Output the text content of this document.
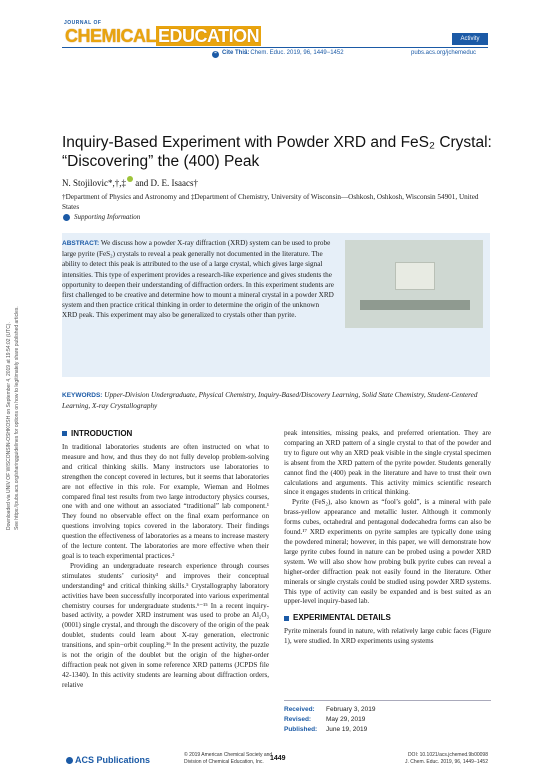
JOURNAL OF
CHEMICAL EDUCATION	Activity
❝ Cite This:
J. Chem. Educ. 2019, 96, 1449−1452	pubs.acs.org/jchemeduc
Downloaded via UNIV OF WISCONSIN-OSHKOSH on September 4, 2019 at 19:54:02 (UTC). See https://pubs.acs.org/sharingguidelines for options on how to legitimately share published articles.
Inquiry-Based Experiment with Powder XRD and FeS₂ Crystal:
“Discovering” the (400) Peak
N. Stojilovic*,†,‡ and D. E. Isaacs†
†Department of Physics and Astronomy and ‡Department of Chemistry, University of Wisconsin—Oshkosh, Oshkosh, Wisconsin 54901, United States
Supporting Information
ABSTRACT: We discuss how a powder X-ray diffraction (XRD) system can be used to probe large pyrite (FeS₂) crystals to reveal a peak generally not documented in the literature. The ability to detect this peak is attributed to the use of a large crystal, which gives large signal intensities. This type of experiment provides a research-like experience and gives students the opportunity to deepen their understanding of diffraction orders. In this experiment students are first challenged to be creative and determine how to mount a mineral crystal in a powder XRD system and then practice critical thinking in order to determine the origin of the unknown XRD peak. This experiment may also be generalized to crystals other than pyrite.
KEYWORDS: Upper-Division Undergraduate, Physical Chemistry, Inquiry-Based/Discovery Learning, Solid State Chemistry, Student-Centered Learning, X-ray Crystallography
INTRODUCTION

In traditional laboratories students are often instructed on what to measure and how, and thus they do not fully develop problem-solving and critical thinking skills. Many instructors use laboratories to strengthen the concept covered in lectures, but it seems that laboratories are not effective in this role. For example, Wieman and Holmes compared final test results from two large introductory physics courses, one with and one without an associated “traditional” lab component.¹ They found no observable effect on the final exam performance on questions involving topics covered in the laboratory. Their findings question the effectiveness of laboratories as a means to increase mastery of the lecture content. The laboratories are more effective when their goal is to teach experimental practices.²

Providing an undergraduate research experience through courses stimulates students’ curiosity³ and improves their conceptual understanding⁴ and critical thinking skills.⁵ Crystallography laboratory activities have been successfully incorporated into various experimental chemistry courses for undergraduate students.⁶⁻¹⁵ In a recent inquiry-based activity, a powder XRD instrument was used to probe an Al₂O₃ (0001) single crystal, and through the discovery of the origin of the peak doublet, students could learn about X-ray generation, electronic transitions, and spin−orbit coupling.¹⁶ In the present activity, the puzzle is not the origin of the doublet but the origin of the higher-order diffraction peak not given in some reference XRD patterns (JCPDS file 42-1340). In this activity students are learning about diffraction orders, relative

peak intensities, missing peaks, and preferred orientation. They are comparing an XRD pattern of a single crystal to that of the powder and try to figure out why an XRD peak visible in the single crystal specimen is absent from the XRD pattern of the pyrite powder. Students generally cannot find the (400) peak in the literature and have to trust their own calculations and arguments. This activity mimics scientific research since it engages students in critical thinking.

Pyrite (FeS₂), also known as “fool’s gold”, is a mineral with pale brass-yellow appearance and metallic luster. Although it commonly forms cubes, octahedral and pentagonal dodecahedra forms can also be found.¹⁷ XRD experiments on pyrite samples are typically done using the powdered mineral; however, in this paper, we will demonstrate how large pyrite cubes found in nature can be probed using a powder XRD system. We will also show how probing bulk pyrite cubes can reveal a higher-order diffraction peak not easily found in the literature. Other minerals or single crystals could be studied using powder XRD systems. This type of activity can easily be expanded and is best suited as an upper-level inquiry-based lab.

EXPERIMENTAL DETAILS

Pyrite minerals found in nature, with relatively large cubic faces (Figure 1), were studied. In XRD experiments using systems

Received: February 3, 2019
Revised: May 29, 2019
Published: June 19, 2019
ACS Publications	© 2019 American Chemical Society and
Division of Chemical Education, Inc. 1449	DOI: 10.1021/acs.jchemed.9b00098
J. Chem. Educ. 2019, 96, 1449−1452
